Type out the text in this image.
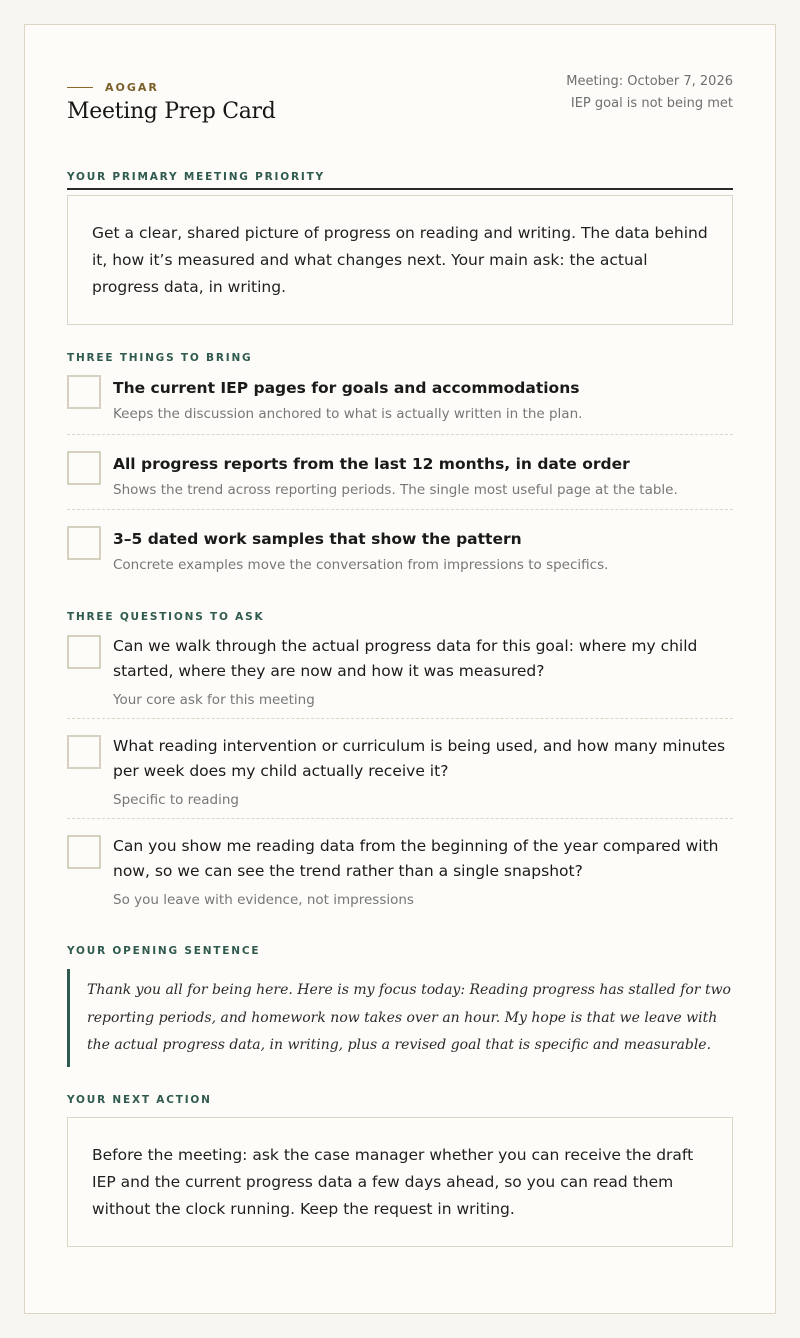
AOGAR
Meeting Prep Card
Meeting: October 7, 2026
IEP goal is not being met
YOUR PRIMARY MEETING PRIORITY
Get a clear, shared picture of progress on reading and writing. The data behind it, how it’s measured and what changes next. Your main ask: the actual progress data, in writing.
THREE THINGS TO BRING
The current IEP pages for goals and accommodations
Keeps the discussion anchored to what is actually written in the plan.
All progress reports from the last 12 months, in date order
Shows the trend across reporting periods. The single most useful page at the table.
3–5 dated work samples that show the pattern
Concrete examples move the conversation from impressions to specifics.
THREE QUESTIONS TO ASK
Can we walk through the actual progress data for this goal: where my child started, where they are now and how it was measured?
Your core ask for this meeting
What reading intervention or curriculum is being used, and how many minutes per week does my child actually receive it?
Specific to reading
Can you show me reading data from the beginning of the year compared with now, so we can see the trend rather than a single snapshot?
So you leave with evidence, not impressions
YOUR OPENING SENTENCE
Thank you all for being here. Here is my focus today: Reading progress has stalled for two reporting periods, and homework now takes over an hour. My hope is that we leave with the actual progress data, in writing, plus a revised goal that is specific and measurable.
YOUR NEXT ACTION
Before the meeting: ask the case manager whether you can receive the draft IEP and the current progress data a few days ahead, so you can read them without the clock running. Keep the request in writing.
